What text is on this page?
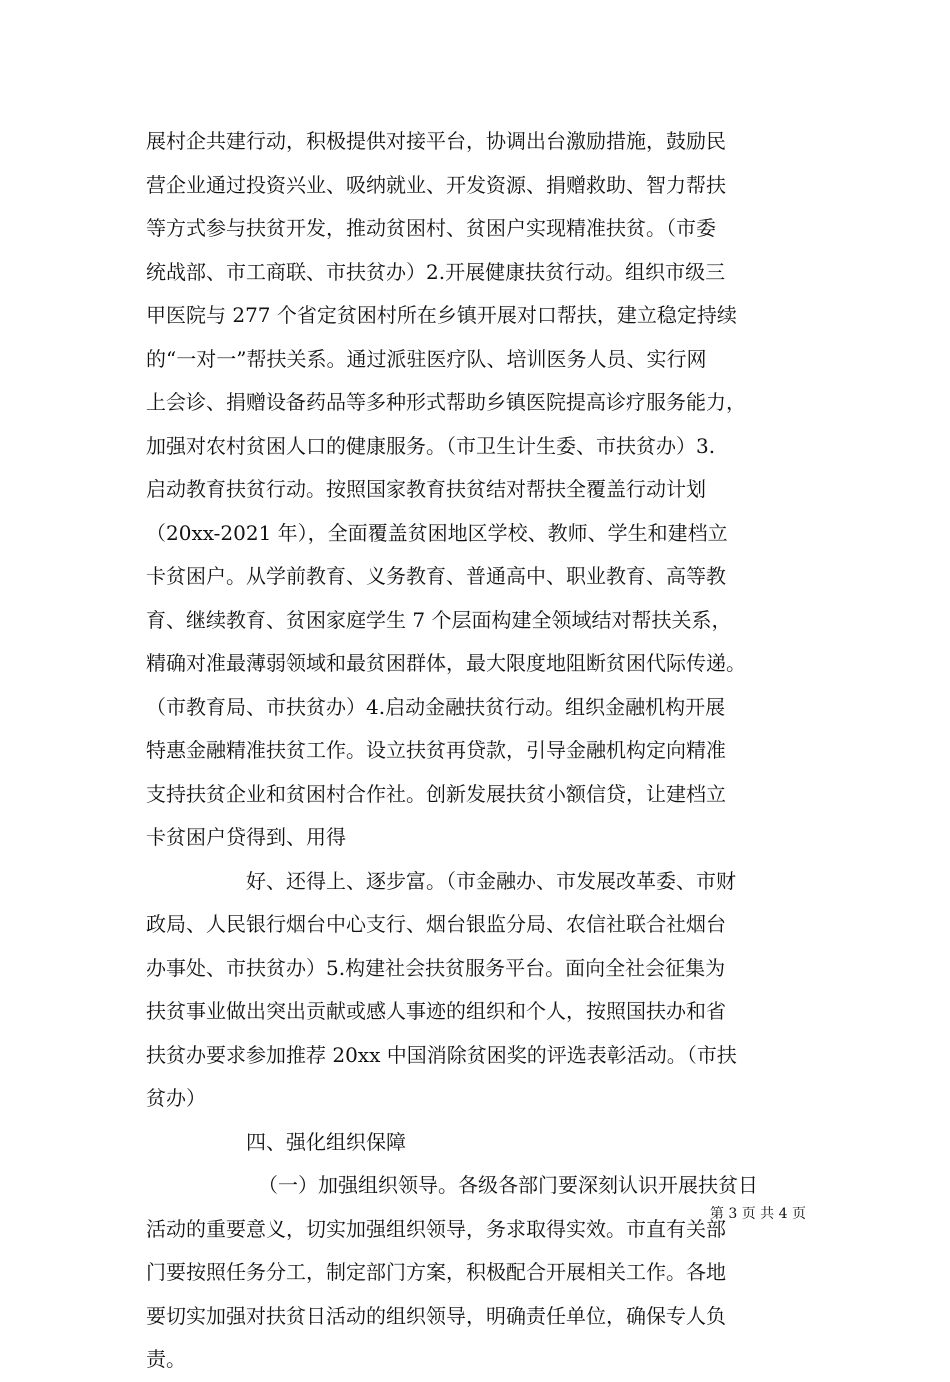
展村企共建行动，积极提供对接平台，协调出台激励措施，鼓励民
营企业通过投资兴业、吸纳就业、开发资源、捐赠救助、智力帮扶
等方式参与扶贫开发，推动贫困村、贫困户实现精准扶贫。（市委
统战部、市工商联、市扶贫办）2.开展健康扶贫行动。组织市级三
甲医院与 277 个省定贫困村所在乡镇开展对口帮扶，建立稳定持续
的“一对一”帮扶关系。通过派驻医疗队、培训医务人员、实行网
上会诊、捐赠设备药品等多种形式帮助乡镇医院提高诊疗服务能力，
加强对农村贫困人口的健康服务。（市卫生计生委、市扶贫办）3.
启动教育扶贫行动。按照国家教育扶贫结对帮扶全覆盖行动计划
（20xx-2021 年），全面覆盖贫困地区学校、教师、学生和建档立
卡贫困户。从学前教育、义务教育、普通高中、职业教育、高等教
育、继续教育、贫困家庭学生 7 个层面构建全领域结对帮扶关系，
精确对准最薄弱领域和最贫困群体，最大限度地阻断贫困代际传递。
（市教育局、市扶贫办）4.启动金融扶贫行动。组织金融机构开展
特惠金融精准扶贫工作。设立扶贫再贷款，引导金融机构定向精准
支持扶贫企业和贫困村合作社。创新发展扶贫小额信贷，让建档立
卡贫困户贷得到、用得
好、还得上、逐步富。（市金融办、市发展改革委、市财
政局、人民银行烟台中心支行、烟台银监分局、农信社联合社烟台
办事处、市扶贫办）5.构建社会扶贫服务平台。面向全社会征集为
扶贫事业做出突出贡献或感人事迹的组织和个人，按照国扶办和省
扶贫办要求参加推荐 20xx 中国消除贫困奖的评选表彰活动。（市扶
贫办）
四、强化组织保障
（一）加强组织领导。各级各部门要深刻认识开展扶贫日
活动的重要意义，切实加强组织领导，务求取得实效。市直有关部
门要按照任务分工，制定部门方案，积极配合开展相关工作。各地
要切实加强对扶贫日活动的组织领导，明确责任单位，确保专人负
责。
第 3 页 共 4 页
